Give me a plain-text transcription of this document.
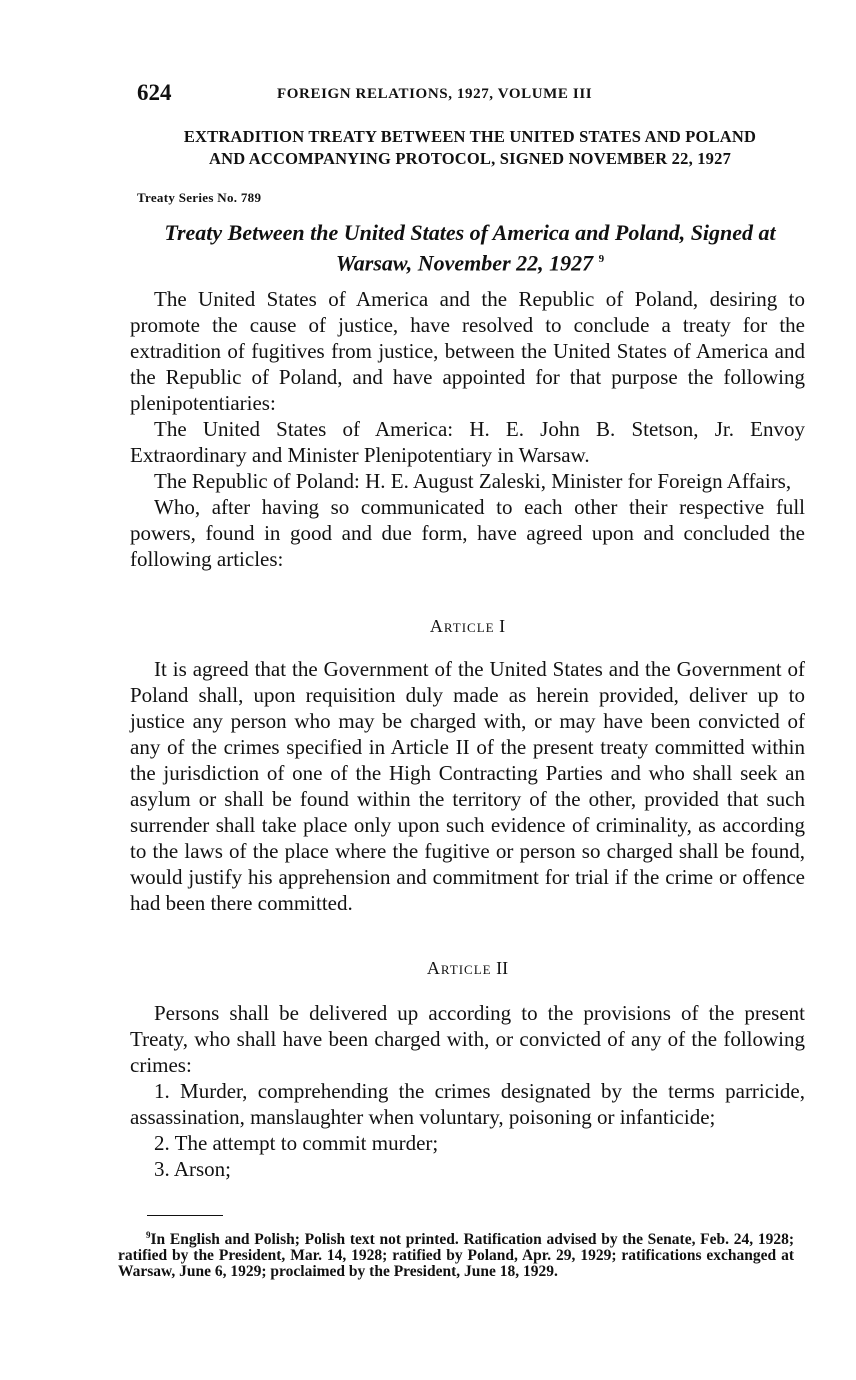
624	FOREIGN RELATIONS, 1927, VOLUME III
EXTRADITION TREATY BETWEEN THE UNITED STATES AND POLAND
AND ACCOMPANYING PROTOCOL, SIGNED NOVEMBER 22, 1927
Treaty Series No. 789
Treaty Between the United States of America and Poland, Signed at
Warsaw, November 22, 1927 $^9$

The United States of America and the Republic of Poland, desiring to promote the cause of justice, have resolved to conclude a treaty for the extradition of fugitives from justice, between the United States of America and the Republic of Poland, and have appointed for that purpose the following plenipotentiaries:

The United States of America: H. E. John B. Stetson, Jr. Envoy Extraordinary and Minister Plenipotentiary in Warsaw.

The Republic of Poland: H. E. August Zaleski, Minister for Foreign Affairs,

Who, after having so communicated to each other their respective full powers, found in good and due form, have agreed upon and concluded the following articles:

Article I

It is agreed that the Government of the United States and the Government of Poland shall, upon requisition duly made as herein provided, deliver up to justice any person who may be charged with, or may have been convicted of any of the crimes specified in Article II of the present treaty committed within the jurisdiction of one of the High Contracting Parties and who shall seek an asylum or shall be found within the territory of the other, provided that such surrender shall take place only upon such evidence of criminality, as according to the laws of the place where the fugitive or person so charged shall be found, would justify his apprehension and commitment for trial if the crime or offence had been there committed.

Article II

Persons shall be delivered up according to the provisions of the present Treaty, who shall have been charged with, or convicted of any of the following crimes:

1. Murder, comprehending the crimes designated by the terms parricide, assassination, manslaughter when voluntary, poisoning or infanticide;

2. The attempt to commit murder;

3. Arson;

$^9$In English and Polish; Polish text not printed. Ratification advised by the Senate, Feb. 24, 1928; ratified by the President, Mar. 14, 1928; ratified by Poland, Apr. 29, 1929; ratifications exchanged at Warsaw, June 6, 1929; proclaimed by the President, June 18, 1929.
